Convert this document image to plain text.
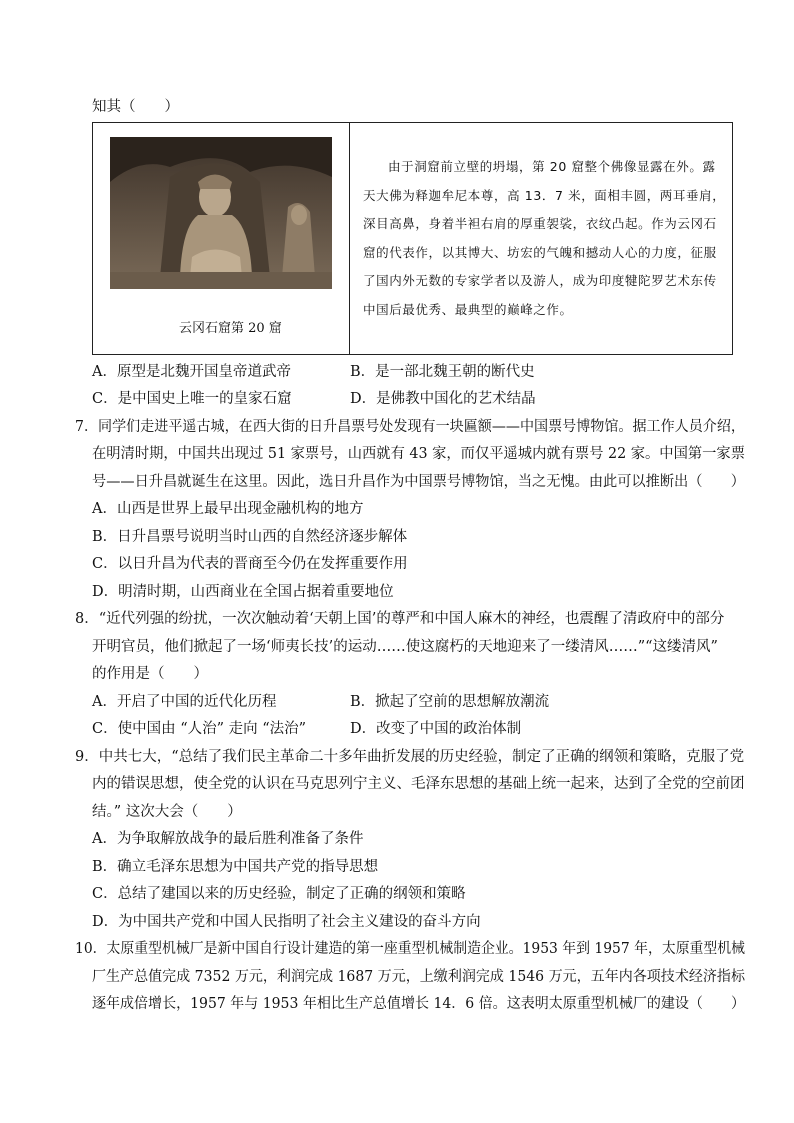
知其（　　）
云冈石窟第 20 窟

由于洞窟前立壁的坍塌，第 20 窟整个佛像显露在外。露天大佛为释迦牟尼本尊，高 13．7 米，面相丰圆，两耳垂肩，深目高鼻，身着半袒右肩的厚重袈裟，衣纹凸起。作为云冈石窟的代表作，以其博大、坊宏的气魄和撼动人心的力度，征服了国内外无数的专家学者以及游人，成为印度犍陀罗艺术东传中国后最优秀、最典型的巅峰之作。

A．原型是北魏开国皇帝道武帝	B．是一部北魏王朝的断代史
C．是中国史上唯一的皇家石窟	D．是佛教中国化的艺术结晶
7．同学们走进平遥古城，在西大街的日升昌票号处发现有一块匾额——中国票号博物馆。据工作人员介绍，
在明清时期，中国共出现过 51 家票号，山西就有 43 家，而仅平遥城内就有票号 22 家。中国第一家票
号——日升昌就诞生在这里。因此，选日升昌作为中国票号博物馆，当之无愧。由此可以推断出（　　）
A．山西是世界上最早出现金融机构的地方
B．日升昌票号说明当时山西的自然经济逐步解体
C．以日升昌为代表的晋商至今仍在发挥重要作用
D．明清时期，山西商业在全国占据着重要地位
8．“近代列强的纷扰，一次次触动着‘天朝上国’的尊严和中国人麻木的神经，也震醒了清政府中的部分
开明官员，他们掀起了一场‘师夷长技’的运动……使这腐朽的天地迎来了一缕清风……”“这缕清风”
的作用是（　　）
A．开启了中国的近代化历程	B．掀起了空前的思想解放潮流
C．使中国由 “人治” 走向 “法治”	D．改变了中国的政治体制
9．中共七大，“总结了我们民主革命二十多年曲折发展的历史经验，制定了正确的纲领和策略，克服了党
内的错误思想，使全党的认识在马克思列宁主义、毛泽东思想的基础上统一起来，达到了全党的空前团
结。” 这次大会（　　）
A．为争取解放战争的最后胜利准备了条件
B．确立毛泽东思想为中国共产党的指导思想
C．总结了建国以来的历史经验，制定了正确的纲领和策略
D．为中国共产党和中国人民指明了社会主义建设的奋斗方向
10．太原重型机械厂是新中国自行设计建造的第一座重型机械制造企业。1953 年到 1957 年，太原重型机械
厂生产总值完成 7352 万元，利润完成 1687 万元，上缴利润完成 1546 万元，五年内各项技术经济指标
逐年成倍增长，1957 年与 1953 年相比生产总值增长 14．6 倍。这表明太原重型机械厂的建设（　　）
